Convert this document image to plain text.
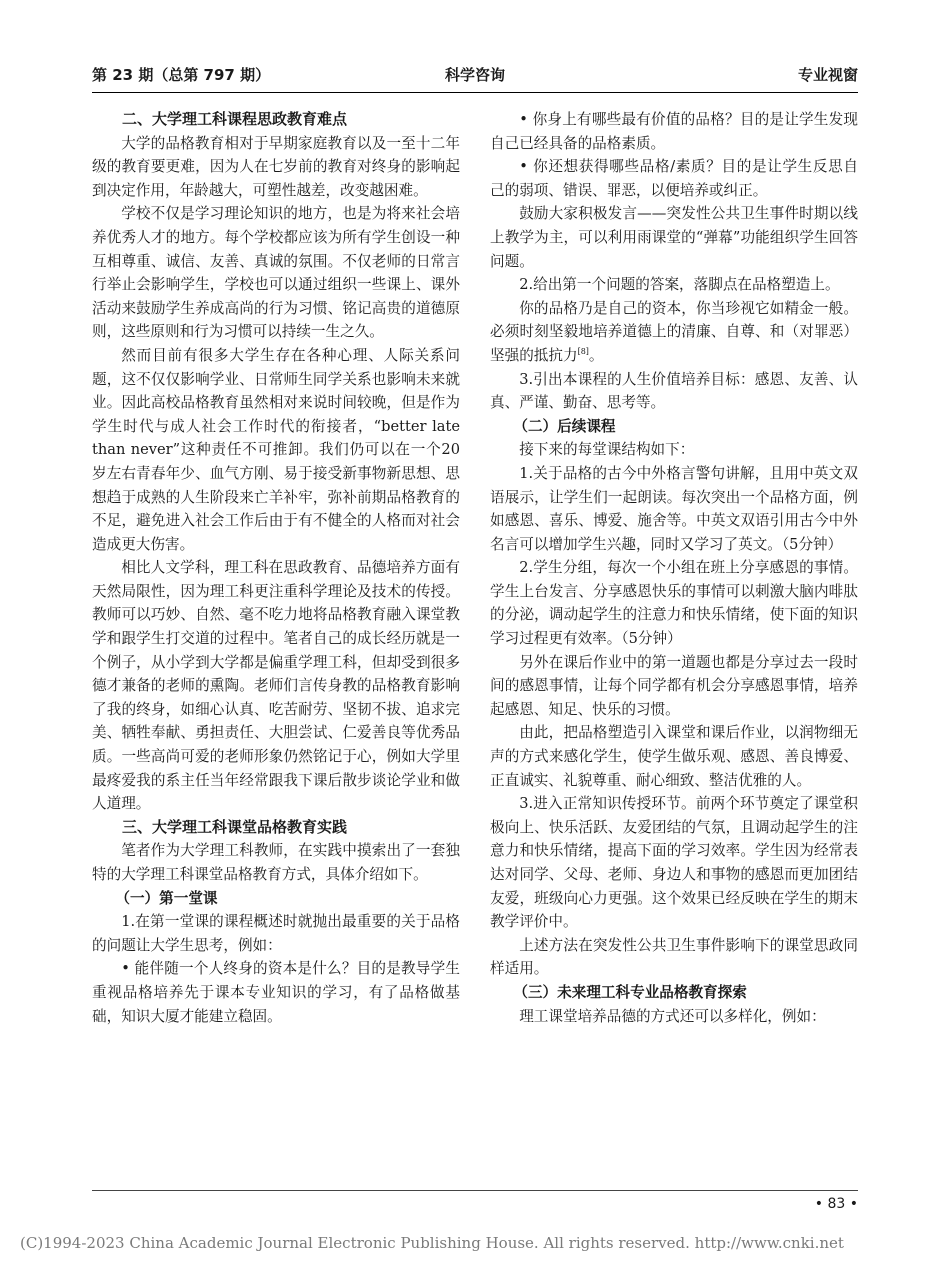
第 23 期（总第 797 期）	科学咨询	专业视窗
二、大学理工科课程思政教育难点

大学的品格教育相对于早期家庭教育以及一至十二年级的教育要更难，因为人在七岁前的教育对终身的影响起到决定作用，年龄越大，可塑性越差，改变越困难。

学校不仅是学习理论知识的地方，也是为将来社会培养优秀人才的地方。每个学校都应该为所有学生创设一种互相尊重、诚信、友善、真诚的氛围。不仅老师的日常言行举止会影响学生，学校也可以通过组织一些课上、课外活动来鼓励学生养成高尚的行为习惯、铭记高贵的道德原则，这些原则和行为习惯可以持续一生之久。

然而目前有很多大学生存在各种心理、人际关系问题，这不仅仅影响学业、日常师生同学关系也影响未来就业。因此高校品格教育虽然相对来说时间较晚，但是作为学生时代与成人社会工作时代的衔接者，“better late than never”这种责任不可推卸。我们仍可以在一个20岁左右青春年少、血气方刚、易于接受新事物新思想、思想趋于成熟的人生阶段来亡羊补牢，弥补前期品格教育的不足，避免进入社会工作后由于有不健全的人格而对社会造成更大伤害。

相比人文学科，理工科在思政教育、品德培养方面有天然局限性，因为理工科更注重科学理论及技术的传授。教师可以巧妙、自然、毫不吃力地将品格教育融入课堂教学和跟学生打交道的过程中。笔者自己的成长经历就是一个例子，从小学到大学都是偏重学理工科，但却受到很多德才兼备的老师的熏陶。老师们言传身教的品格教育影响了我的终身，如细心认真、吃苦耐劳、坚韧不拔、追求完美、牺牲奉献、勇担责任、大胆尝试、仁爱善良等优秀品质。一些高尚可爱的老师形象仍然铭记于心，例如大学里最疼爱我的系主任当年经常跟我下课后散步谈论学业和做人道理。

三、大学理工科课堂品格教育实践

笔者作为大学理工科教师，在实践中摸索出了一套独特的大学理工科课堂品格教育方式，具体介绍如下。

（一）第一堂课

1.在第一堂课的课程概述时就抛出最重要的关于品格的问题让大学生思考，例如：

• 能伴随一个人终身的资本是什么？目的是教导学生重视品格培养先于课本专业知识的学习，有了品格做基础，知识大厦才能建立稳固。

• 你身上有哪些最有价值的品格？目的是让学生发现自己已经具备的品格素质。

• 你还想获得哪些品格/素质？目的是让学生反思自己的弱项、错误、罪恶，以便培养或纠正。

鼓励大家积极发言——突发性公共卫生事件时期以线上教学为主，可以利用雨课堂的“弹幕”功能组织学生回答问题。

2.给出第一个问题的答案，落脚点在品格塑造上。

你的品格乃是自己的资本，你当珍视它如精金一般。必须时刻坚毅地培养道德上的清廉、自尊、和（对罪恶）坚强的抵抗力[8]。

3.引出本课程的人生价值培养目标：感恩、友善、认真、严谨、勤奋、思考等。

（二）后续课程

接下来的每堂课结构如下：

1.关于品格的古今中外格言警句讲解，且用中英文双语展示，让学生们一起朗读。每次突出一个品格方面，例如感恩、喜乐、博爱、施舍等。中英文双语引用古今中外名言可以增加学生兴趣，同时又学习了英文。（5分钟）

2.学生分组，每次一个小组在班上分享感恩的事情。学生上台发言、分享感恩快乐的事情可以刺激大脑内啡肽的分泌，调动起学生的注意力和快乐情绪，使下面的知识学习过程更有效率。（5分钟）

另外在课后作业中的第一道题也都是分享过去一段时间的感恩事情，让每个同学都有机会分享感恩事情，培养起感恩、知足、快乐的习惯。

由此，把品格塑造引入课堂和课后作业，以润物细无声的方式来感化学生，使学生做乐观、感恩、善良博爱、正直诚实、礼貌尊重、耐心细致、整洁优雅的人。

3.进入正常知识传授环节。前两个环节奠定了课堂积极向上、快乐活跃、友爱团结的气氛，且调动起学生的注意力和快乐情绪，提高下面的学习效率。学生因为经常表达对同学、父母、老师、身边人和事物的感恩而更加团结友爱，班级向心力更强。这个效果已经反映在学生的期末教学评价中。

上述方法在突发性公共卫生事件影响下的课堂思政同样适用。

（三）未来理工科专业品格教育探索

理工课堂培养品德的方式还可以多样化，例如：

• 83 •
(C)1994-2023 China Academic Journal Electronic Publishing House. All rights reserved. http://www.cnki.net
